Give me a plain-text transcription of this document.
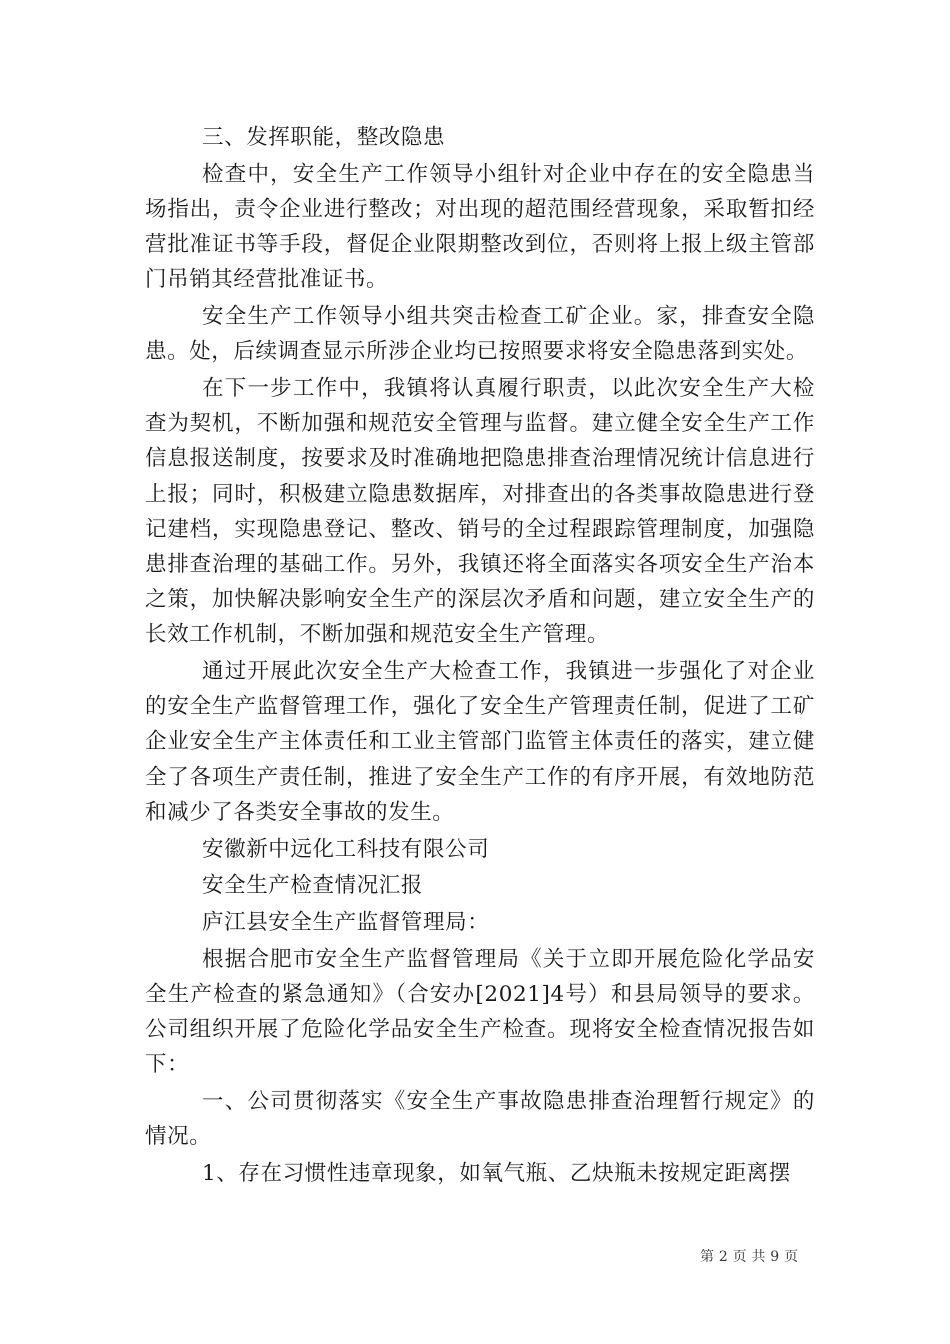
三、发挥职能，整改隐患

检查中，安全生产工作领导小组针对企业中存在的安全隐患当场指出，责令企业进行整改；对出现的超范围经营现象，采取暂扣经营批准证书等手段，督促企业限期整改到位，否则将上报上级主管部门吊销其经营批准证书。

安全生产工作领导小组共突击检查工矿企业。家，排查安全隐患。处，后续调查显示所涉企业均已按照要求将安全隐患落到实处。

在下一步工作中，我镇将认真履行职责，以此次安全生产大检查为契机，不断加强和规范安全管理与监督。建立健全安全生产工作信息报送制度，按要求及时准确地把隐患排查治理情况统计信息进行上报；同时，积极建立隐患数据库，对排查出的各类事故隐患进行登记建档，实现隐患登记、整改、销号的全过程跟踪管理制度，加强隐患排查治理的基础工作。另外，我镇还将全面落实各项安全生产治本之策，加快解决影响安全生产的深层次矛盾和问题，建立安全生产的长效工作机制，不断加强和规范安全生产管理。

通过开展此次安全生产大检查工作，我镇进一步强化了对企业的安全生产监督管理工作，强化了安全生产管理责任制，促进了工矿企业安全生产主体责任和工业主管部门监管主体责任的落实，建立健全了各项生产责任制，推进了安全生产工作的有序开展，有效地防范和减少了各类安全事故的发生。

安徽新中远化工科技有限公司

安全生产检查情况汇报

庐江县安全生产监督管理局：

根据合肥市安全生产监督管理局《关于立即开展危险化学品安全生产检查的紧急通知》（合安办[2021]4号）和县局领导的要求。公司组织开展了危险化学品安全生产检查。现将安全检查情况报告如下：

一、公司贯彻落实《安全生产事故隐患排查治理暂行规定》的情况。

1、存在习惯性违章现象，如氧气瓶、乙炔瓶未按规定距离摆

第 2 页 共 9 页
